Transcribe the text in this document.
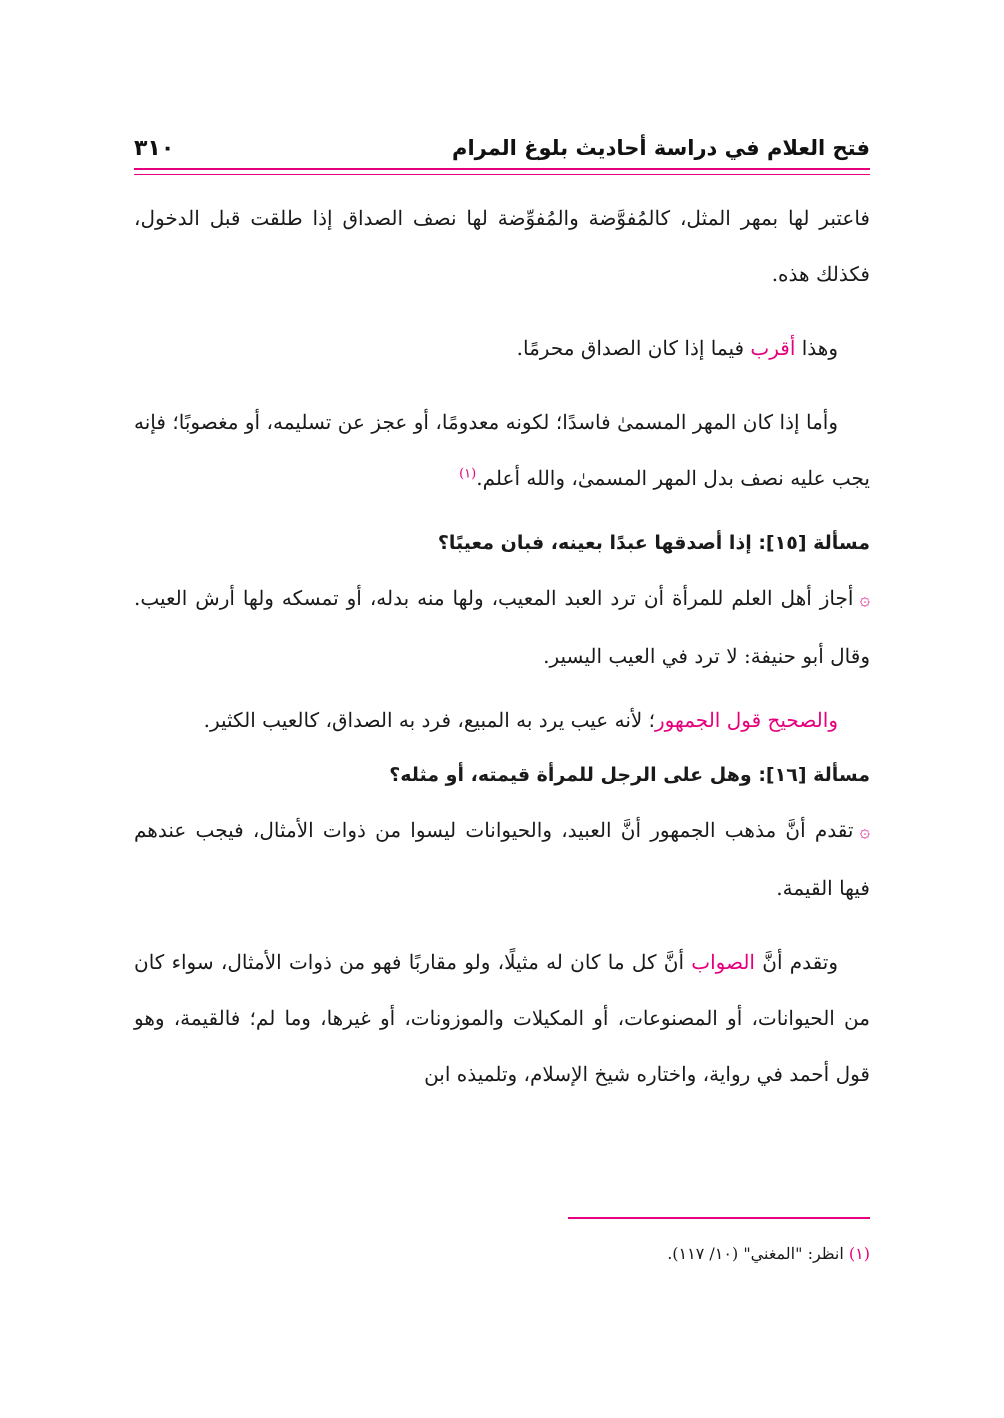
فتح العلام في دراسة أحاديث بلوغ المرام
٣١٠

فاعتبر لها بمهر المثل، كالمُفوَّضة والمُفوِّضة لها نصف الصداق إذا طلقت قبل الدخول، فكذلك هذه.

وهذا أقرب فيما إذا كان الصداق محرمًا.

وأما إذا كان المهر المسمىٰ فاسدًا؛ لكونه معدومًا، أو عجز عن تسليمه، أو مغصوبًا؛ فإنه يجب عليه نصف بدل المهر المسمىٰ، والله أعلم.$^{(١)}$

مسألة [١٥]: إذا أصدقها عبدًا بعينه، فبان معيبًا؟

۞أجاز أهل العلم للمرأة أن ترد العبد المعيب، ولها منه بدله، أو تمسكه ولها أرش العيب. وقال أبو حنيفة: لا ترد في العيب اليسير.

والصحيح قول الجمهور؛ لأنه عيب يرد به المبيع، فرد به الصداق، كالعيب الكثير.

مسألة [١٦]: وهل على الرجل للمرأة قيمته، أو مثله؟

۞تقدم أنَّ مذهب الجمهور أنَّ العبيد، والحيوانات ليسوا من ذوات الأمثال، فيجب عندهم فيها القيمة.

وتقدم أنَّ الصواب أنَّ كل ما كان له مثيلًا، ولو مقاربًا فهو من ذوات الأمثال، سواء كان من الحيوانات، أو المصنوعات، أو المكيلات والموزونات، أو غيرها، وما لم؛ فالقيمة، وهو قول أحمد في رواية، واختاره شيخ الإسلام، وتلميذه ابن

(١) انظر: "المغني" (١٠/ ١١٧).
